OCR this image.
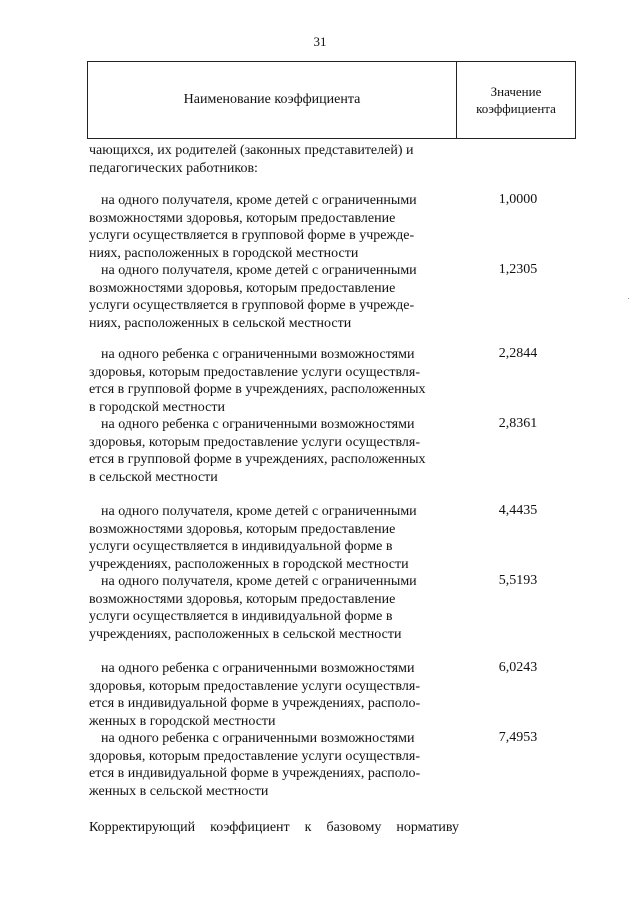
31
Наименование коэффициента
Значение
коэффициента
чающихся, их родителей (законных представителей) и
педагогических работников:
на одного получателя, кроме детей с ограниченными
возможностями здоровья, которым предоставление
услуги осуществляется в групповой форме в учрежде-
ниях, расположенных в городской местности
1,0000
на одного получателя, кроме детей с ограниченными
возможностями здоровья, которым предоставление
услуги осуществляется в групповой форме в учрежде-
ниях, расположенных в сельской местности
1,2305
на одного ребенка с ограниченными возможностями
здоровья, которым предоставление услуги осуществля-
ется в групповой форме в учреждениях, расположенных
в городской местности
2,2844
на одного ребенка с ограниченными возможностями
здоровья, которым предоставление услуги осуществля-
ется в групповой форме в учреждениях, расположенных
в сельской местности
2,8361
на одного получателя, кроме детей с ограниченными
возможностями здоровья, которым предоставление
услуги осуществляется в индивидуальной форме в
учреждениях, расположенных в городской местности
4,4435
на одного получателя, кроме детей с ограниченными
возможностями здоровья, которым предоставление
услуги осуществляется в индивидуальной форме в
учреждениях, расположенных в сельской местности
5,5193
на одного ребенка с ограниченными возможностями
здоровья, которым предоставление услуги осуществля-
ется в индивидуальной форме в учреждениях, располо-
женных в городской местности
6,0243
на одного ребенка с ограниченными возможностями
здоровья, которым предоставление услуги осуществля-
ется в индивидуальной форме в учреждениях, располо-
женных в сельской местности
7,4953
Корректирующий коэффициент к базовому нормативу
